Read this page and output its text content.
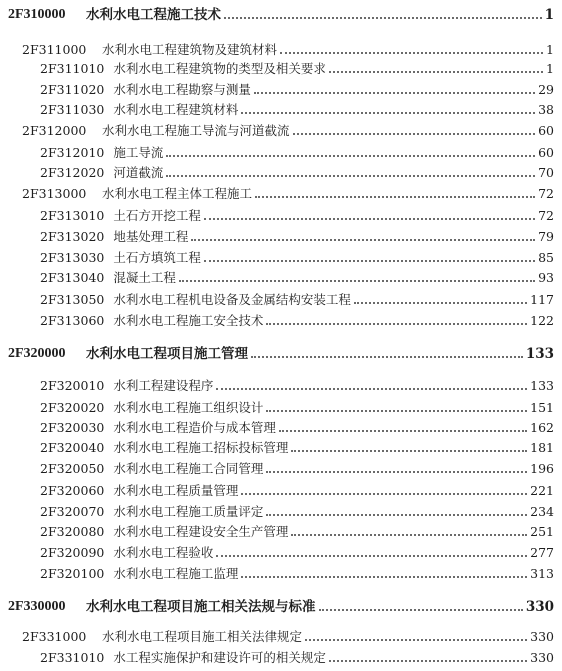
2F310000	水利水电工程施工技术	1
2F311000	水利水电工程建筑物及建筑材料	1
2F311010 水利水电工程建筑物的类型及相关要求	1
2F311020 水利水电工程勘察与测量	29
2F311030 水利水电工程建筑材料	38
2F312000	水利水电工程施工导流与河道截流	60
2F312010 施工导流	60
2F312020 河道截流	70
2F313000	水利水电工程主体工程施工	72
2F313010 土石方开挖工程	72
2F313020 地基处理工程	79
2F313030 土石方填筑工程	85
2F313040 混凝土工程	93
2F313050 水利水电工程机电设备及金属结构安装工程	117
2F313060 水利水电工程施工安全技术	122
2F320000	水利水电工程项目施工管理	133
2F320010 水利工程建设程序	133
2F320020 水利水电工程施工组织设计	151
2F320030 水利水电工程造价与成本管理	162
2F320040 水利水电工程施工招标投标管理	181
2F320050 水利水电工程施工合同管理	196
2F320060 水利水电工程质量管理	221
2F320070 水利水电工程施工质量评定	234
2F320080 水利水电工程建设安全生产管理	251
2F320090 水利水电工程验收	277
2F320100 水利水电工程施工监理	313
2F330000	水利水电工程项目施工相关法规与标准	330
2F331000	水利水电工程项目施工相关法律规定	330
2F331010 水工程实施保护和建设许可的相关规定	330
